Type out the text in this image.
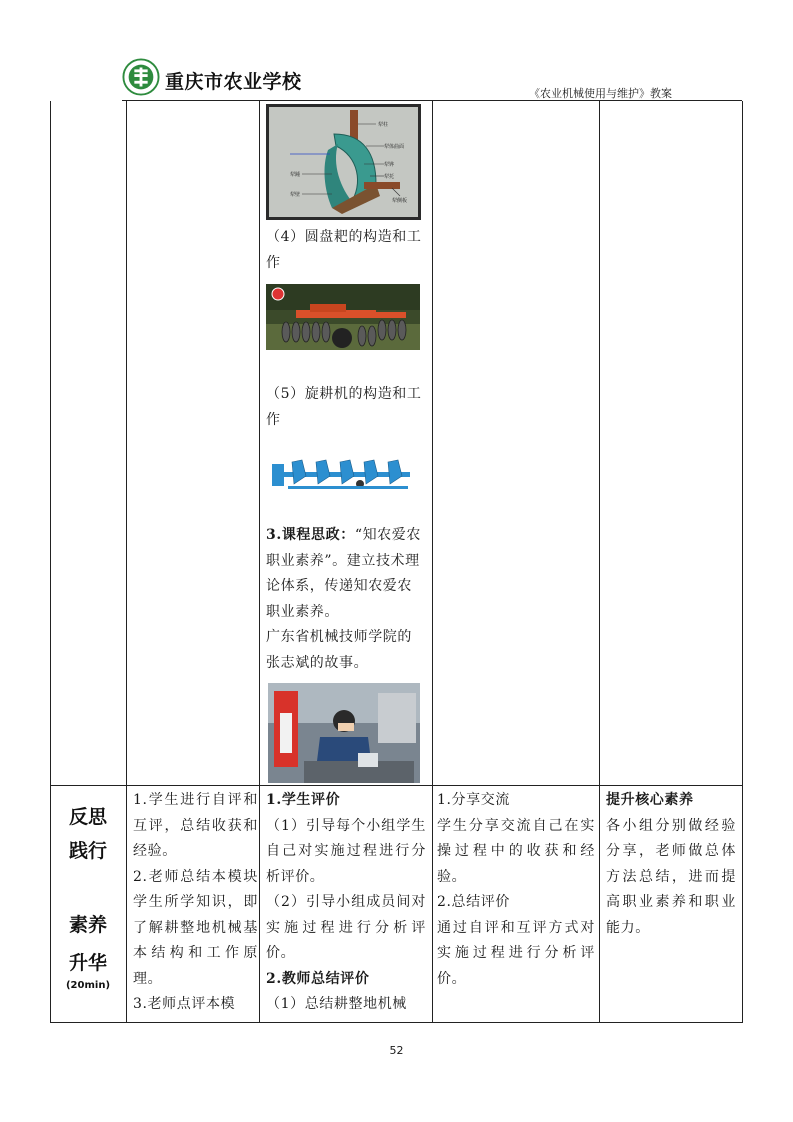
重庆市农业学校
《农业机械使用与维护》教案
犁柱
犁体曲面
犁铧
犁托
犁侧板
犁踵
犁壁
（4）圆盘耙的构造和工作
（5）旋耕机的构造和工作

3.课程思政：“知农爱农职业素养”。建立技术理论体系，传递知农爱农职业素养。

广东省机械技师学院的张志斌的故事。

反思
践行
素养
升华
(20min)

1.学生进行自评和互评，总结收获和经验。

2.老师总结本模块学生所学知识，即了解耕整地机械基本结构和工作原理。

3.老师点评本模

1.学生评价

（1）引导每个小组学生自己对实施过程进行分析评价。

（2）引导小组成员间对实施过程进行分析评价。

2.教师总结评价

（1）总结耕整地机械

1.分享交流

学生分享交流自己在实操过程中的收获和经验。

2.总结评价

通过自评和互评方式对实施过程进行分析评价。

提升核心素养

各小组分别做经验分享，老师做总体方法总结，进而提高职业素养和职业能力。

52
